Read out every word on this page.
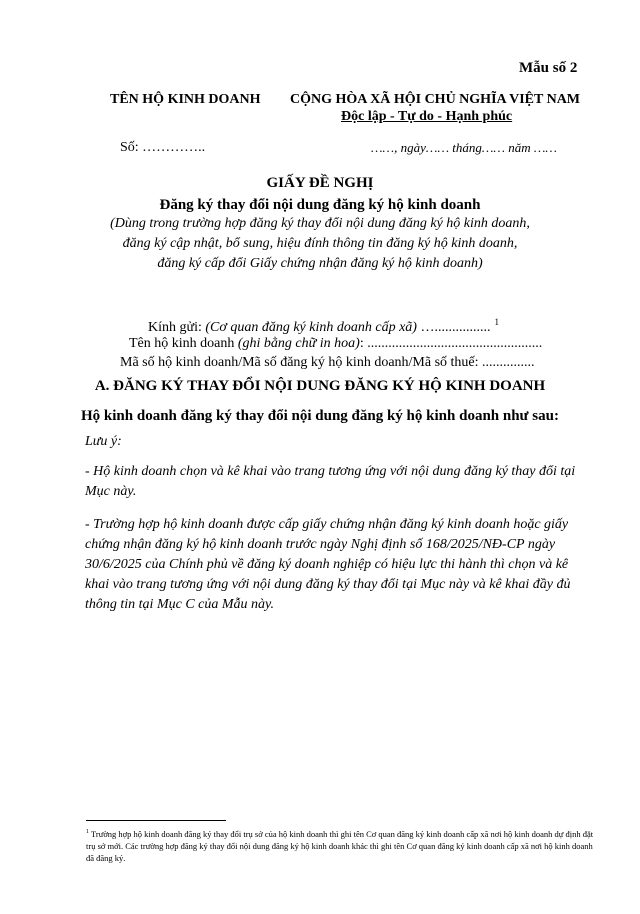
Mẫu số 2
TÊN HỘ KINH DOANH CỘNG HÒA XÃ HỘI CHỦ NGHĨA VIỆT NAM
Độc lập - Tự do - Hạnh phúc
Số: …………..	……, ngày…… tháng…… năm ……
GIẤY ĐỀ NGHỊ
Đăng ký thay đổi nội dung đăng ký hộ kinh doanh
(Dùng trong trường hợp đăng ký thay đổi nội dung đăng ký hộ kinh doanh,
đăng ký cập nhật, bổ sung, hiệu đính thông tin đăng ký hộ kinh doanh,
đăng ký cấp đổi Giấy chứng nhận đăng ký hộ kinh doanh)
Kính gửi: (Cơ quan đăng ký kinh doanh cấp xã) …................ $^1$
Tên hộ kinh doanh (ghi bằng chữ in hoa): ..................................................
Mã số hộ kinh doanh/Mã số đăng ký hộ kinh doanh/Mã số thuế: ...............
A. ĐĂNG KÝ THAY ĐỔI NỘI DUNG ĐĂNG KÝ HỘ KINH DOANH
Hộ kinh doanh đăng ký thay đổi nội dung đăng ký hộ kinh doanh như sau:

Lưu ý:

- Hộ kinh doanh chọn và kê khai vào trang tương ứng với nội dung đăng ký thay đổi tại Mục này.

- Trường hợp hộ kinh doanh được cấp giấy chứng nhận đăng ký kinh doanh hoặc giấy chứng nhận đăng ký hộ kinh doanh trước ngày Nghị định số 168/2025/NĐ-CP ngày 30/6/2025 của Chính phủ về đăng ký doanh nghiệp có hiệu lực thi hành thì chọn và kê khai vào trang tương ứng với nội dung đăng ký thay đổi tại Mục này và kê khai đầy đủ thông tin tại Mục C của Mẫu này.

$^1$ Trường hợp hộ kinh doanh đăng ký thay đổi trụ sở của hộ kinh doanh thì ghi tên Cơ quan đăng ký kinh doanh cấp xã nơi hộ kinh doanh dự định đặt trụ sở mới. Các trường hợp đăng ký thay đổi nội dung đăng ký hộ kinh doanh khác thì ghi tên Cơ quan đăng ký kinh doanh cấp xã nơi hộ kinh doanh đã đăng ký.
